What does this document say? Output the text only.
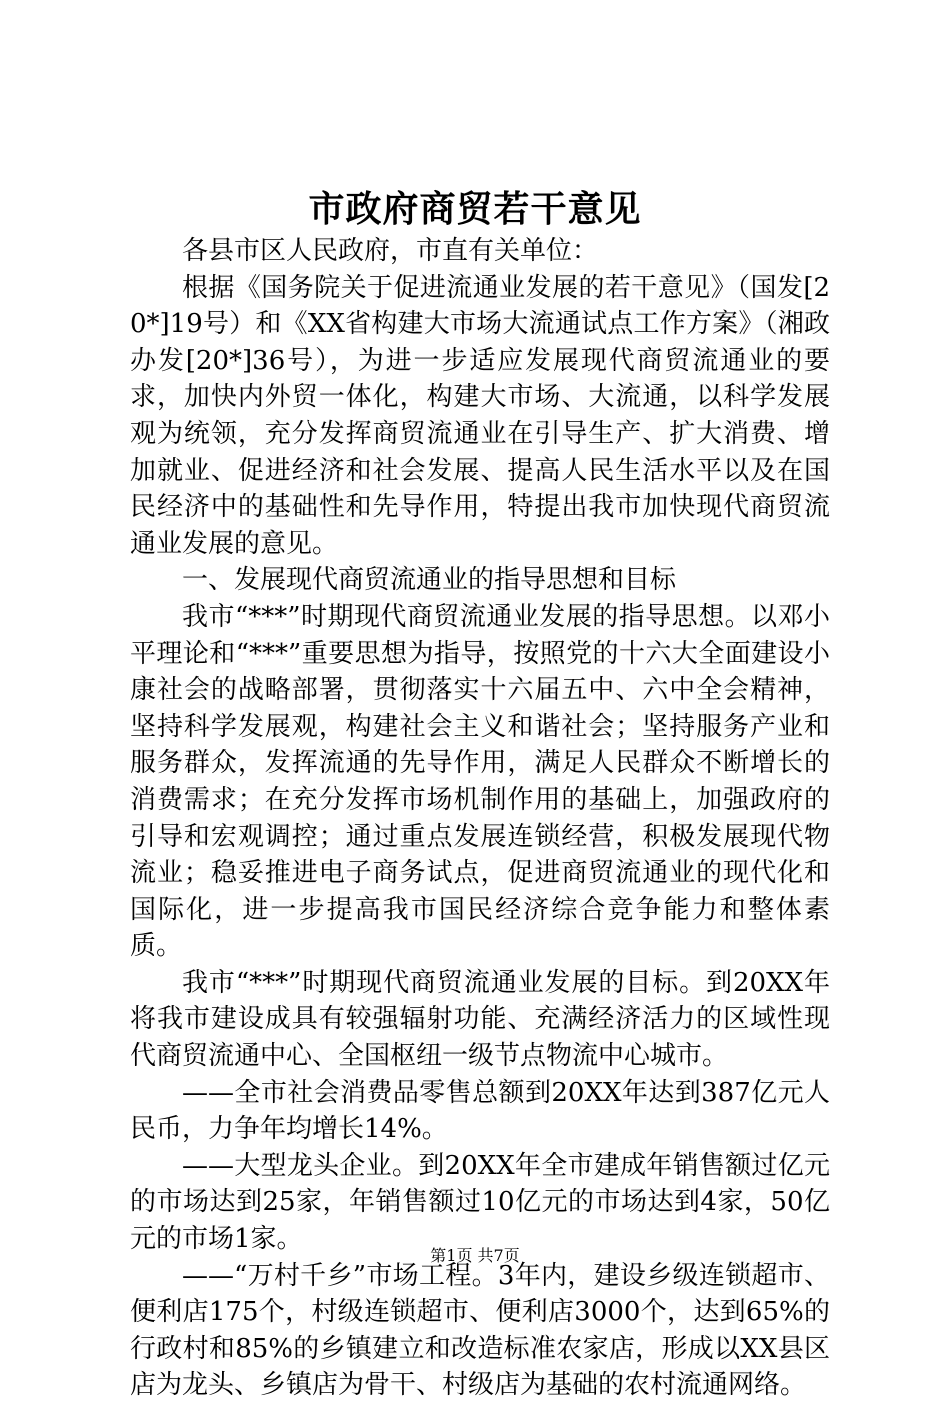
市政府商贸若干意见

各县市区人民政府，市直有关单位：

根据《国务院关于促进流通业发展的若干意见》（国发[20*]19号）和《XX省构建大市场大流通试点工作方案》（湘政办发[20*]36号），为进一步适应发展现代商贸流通业的要求，加快内外贸一体化，构建大市场、大流通，以科学发展观为统领，充分发挥商贸流通业在引导生产、扩大消费、增加就业、促进经济和社会发展、提高人民生活水平以及在国民经济中的基础性和先导作用，特提出我市加快现代商贸流通业发展的意见。

一、发展现代商贸流通业的指导思想和目标

我市“***”时期现代商贸流通业发展的指导思想。以邓小平理论和“***”重要思想为指导，按照党的十六大全面建设小康社会的战略部署，贯彻落实十六届五中、六中全会精神，坚持科学发展观，构建社会主义和谐社会；坚持服务产业和服务群众，发挥流通的先导作用，满足人民群众不断增长的消费需求；在充分发挥市场机制作用的基础上，加强政府的引导和宏观调控；通过重点发展连锁经营，积极发展现代物流业；稳妥推进电子商务试点，促进商贸流通业的现代化和国际化，进一步提高我市国民经济综合竞争能力和整体素质。

我市“***”时期现代商贸流通业发展的目标。到20XX年将我市建设成具有较强辐射功能、充满经济活力的区域性现代商贸流通中心、全国枢纽一级节点物流中心城市。

——全市社会消费品零售总额到20XX年达到387亿元人民币，力争年均增长14%。

——大型龙头企业。到20XX年全市建成年销售额过亿元的市场达到25家，年销售额过10亿元的市场达到4家，50亿元的市场1家。

——“万村千乡”市场工程。3年内，建设乡级连锁超市、便利店175个，村级连锁超市、便利店3000个，达到65%的行政村和85%的乡镇建立和改造标准农家店，形成以XX县区店为龙头、乡镇店为骨干、村级店为基础的农村流通网络。

第1页 共7页
